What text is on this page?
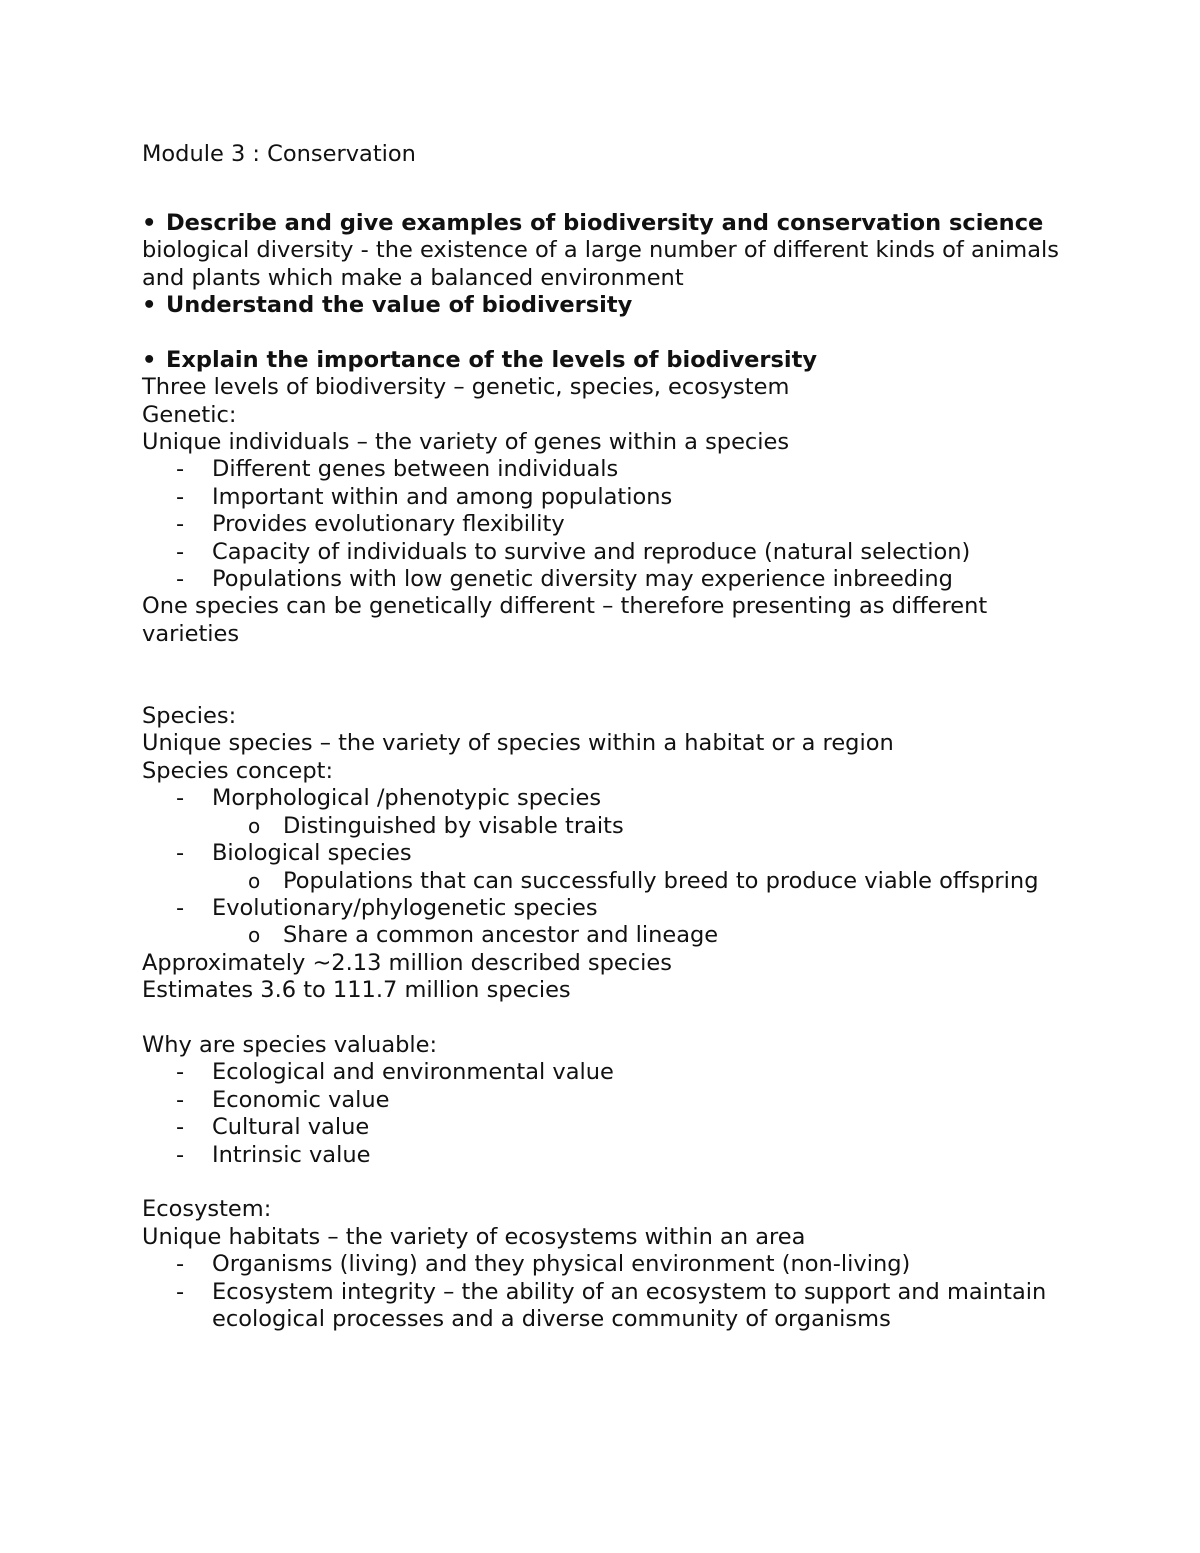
Module 3 : Conservation
• Describe and give examples of biodiversity and conservation science
biological diversity - the existence of a large number of different kinds of animals and plants which make a balanced environment
• Understand the value of biodiversity
• Explain the importance of the levels of biodiversity
Three levels of biodiversity – genetic, species, ecosystem
Genetic:
Unique individuals – the variety of genes within a species
- Different genes between individuals
- Important within and among populations
- Provides evolutionary flexibility
- Capacity of individuals to survive and reproduce (natural selection)
- Populations with low genetic diversity may experience inbreeding
One species can be genetically different – therefore presenting as different varieties
Species:
Unique species – the variety of species within a habitat or a region
Species concept:
- Morphological /phenotypic species
o Distinguished by visable traits
- Biological species
o Populations that can successfully breed to produce viable offspring
- Evolutionary/phylogenetic species
o Share a common ancestor and lineage
Approximately ~2.13 million described species
Estimates 3.6 to 111.7 million species
Why are species valuable:
- Ecological and environmental value
- Economic value
- Cultural value
- Intrinsic value
Ecosystem:
Unique habitats – the variety of ecosystems within an area
- Organisms (living) and they physical environment (non-living)
- Ecosystem integrity – the ability of an ecosystem to support and maintain ecological processes and a diverse community of organisms
